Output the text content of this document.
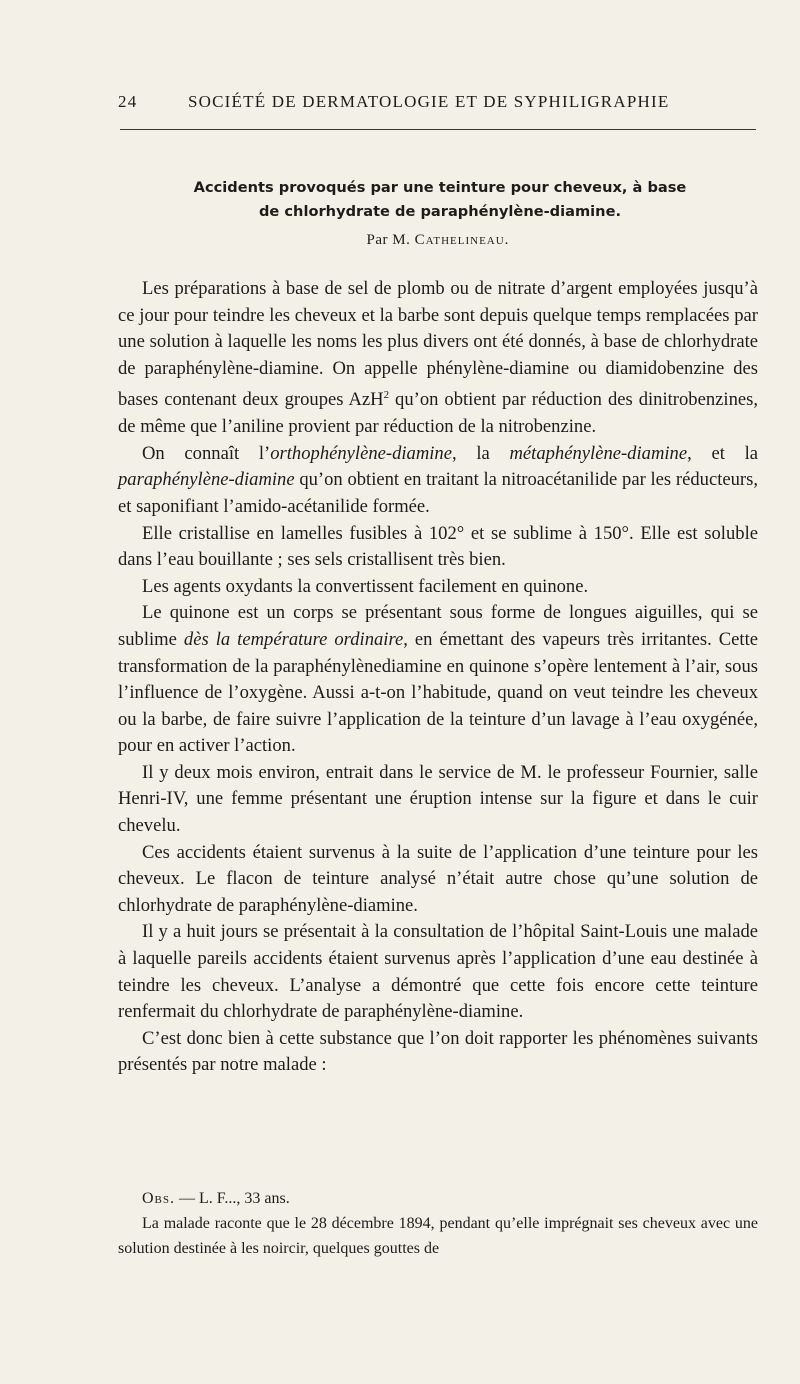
24	SOCIÉTÉ DE DERMATOLOGIE ET DE SYPHILIGRAPHIE
Accidents provoqués par une teinture pour cheveux, à base
de chlorhydrate de paraphénylène-diamine.
Par M. Cathelineau.

Les préparations à base de sel de plomb ou de nitrate d’argent employées jusqu’à ce jour pour teindre les cheveux et la barbe sont depuis quelque temps remplacées par une solution à laquelle les noms les plus divers ont été donnés, à base de chlorhydrate de paraphénylène-diamine. On appelle phénylène-diamine ou diamidobenzine des bases contenant deux groupes AzH$^2$ qu’on obtient par réduction des dinitrobenzines, de même que l’aniline provient par réduction de la nitrobenzine.

On connaît l’orthophénylène-diamine, la métaphénylène-diamine, et la paraphénylène-diamine qu’on obtient en traitant la nitroacétanilide par les réducteurs, et saponifiant l’amido-acétanilide formée.

Elle cristallise en lamelles fusibles à 102° et se sublime à 150°. Elle est soluble dans l’eau bouillante ; ses sels cristallisent très bien.

Les agents oxydants la convertissent facilement en quinone.

Le quinone est un corps se présentant sous forme de longues aiguilles, qui se sublime dès la température ordinaire, en émettant des vapeurs très irritantes. Cette transformation de la paraphénylènediamine en quinone s’opère lentement à l’air, sous l’influence de l’oxygène. Aussi a-t-on l’habitude, quand on veut teindre les cheveux ou la barbe, de faire suivre l’application de la teinture d’un lavage à l’eau oxygénée, pour en activer l’action.

Il y deux mois environ, entrait dans le service de M. le professeur Fournier, salle Henri-IV, une femme présentant une éruption intense sur la figure et dans le cuir chevelu.

Ces accidents étaient survenus à la suite de l’application d’une teinture pour les cheveux. Le flacon de teinture analysé n’était autre chose qu’une solution de chlorhydrate de paraphénylène-diamine.

Il y a huit jours se présentait à la consultation de l’hôpital Saint-Louis une malade à laquelle pareils accidents étaient survenus après l’application d’une eau destinée à teindre les cheveux. L’analyse a démontré que cette fois encore cette teinture renfermait du chlorhydrate de paraphénylène-diamine.

C’est donc bien à cette substance que l’on doit rapporter les phénomènes suivants présentés par notre malade :

Obs. — L. F..., 33 ans.

La malade raconte que le 28 décembre 1894, pendant qu’elle imprégnait ses cheveux avec une solution destinée à les noircir, quelques gouttes de
